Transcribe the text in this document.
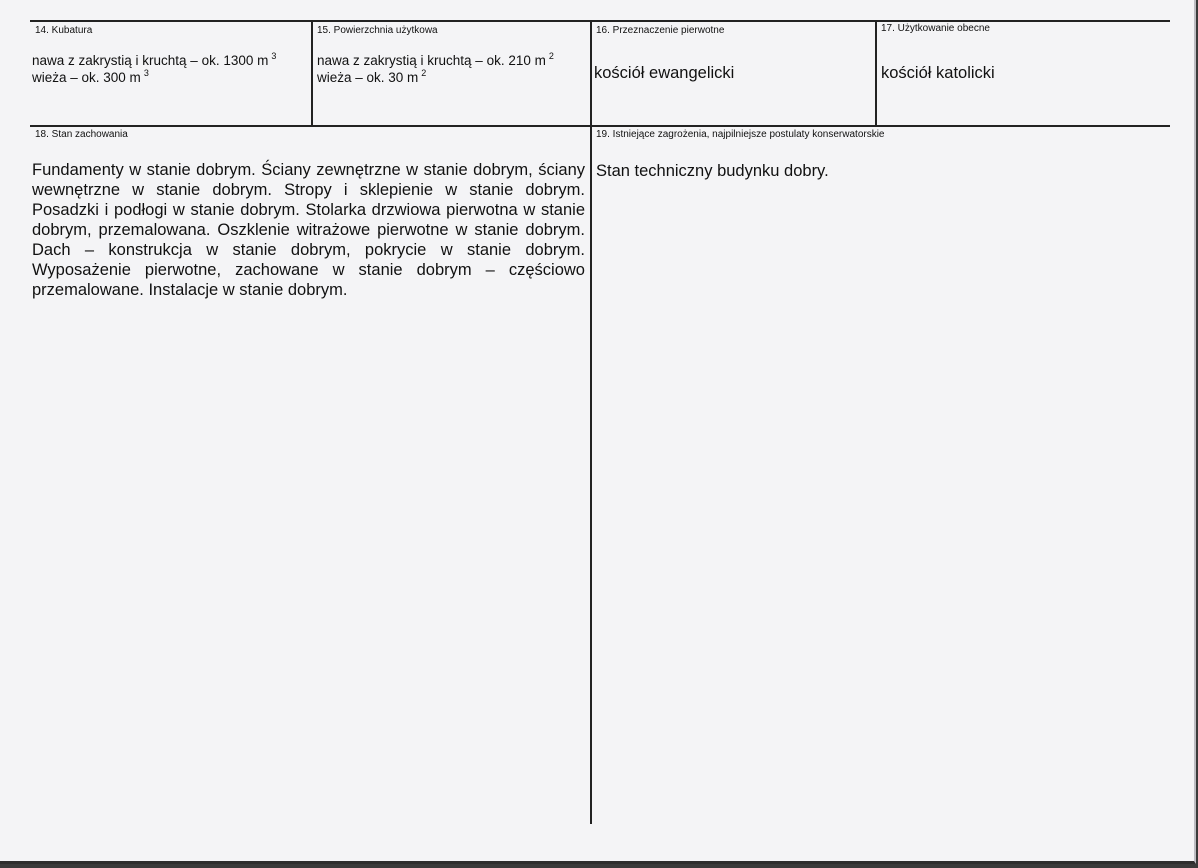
14. Kubatura
nawa z zakrystią i kruchtą – ok. 1300 m $^3$
wieża – ok. 300 m $^3$
15. Powierzchnia użytkowa
nawa z zakrystią i kruchtą – ok. 210 m $^2$
wieża – ok. 30 m $^2$
16. Przeznaczenie pierwotne
kościół ewangelicki
17. Użytkowanie obecne
kościół katolicki
18. Stan zachowania
Fundamenty w stanie dobrym. Ściany zewnętrzne w stanie dobrym, ściany wewnętrzne w stanie dobrym. Stropy i sklepienie w stanie dobrym. Posadzki i podłogi w stanie dobrym. Stolarka drzwiowa pierwotna w stanie dobrym, przemalowana. Oszklenie witrażowe pierwotne w stanie dobrym. Dach – konstrukcja w stanie dobrym, pokrycie w stanie dobrym. Wyposażenie pierwotne, zachowane w stanie dobrym – częściowo przemalowane. Instalacje w stanie dobrym.
19. Istniejące zagrożenia, najpilniejsze postulaty konserwatorskie
Stan techniczny budynku dobry.
